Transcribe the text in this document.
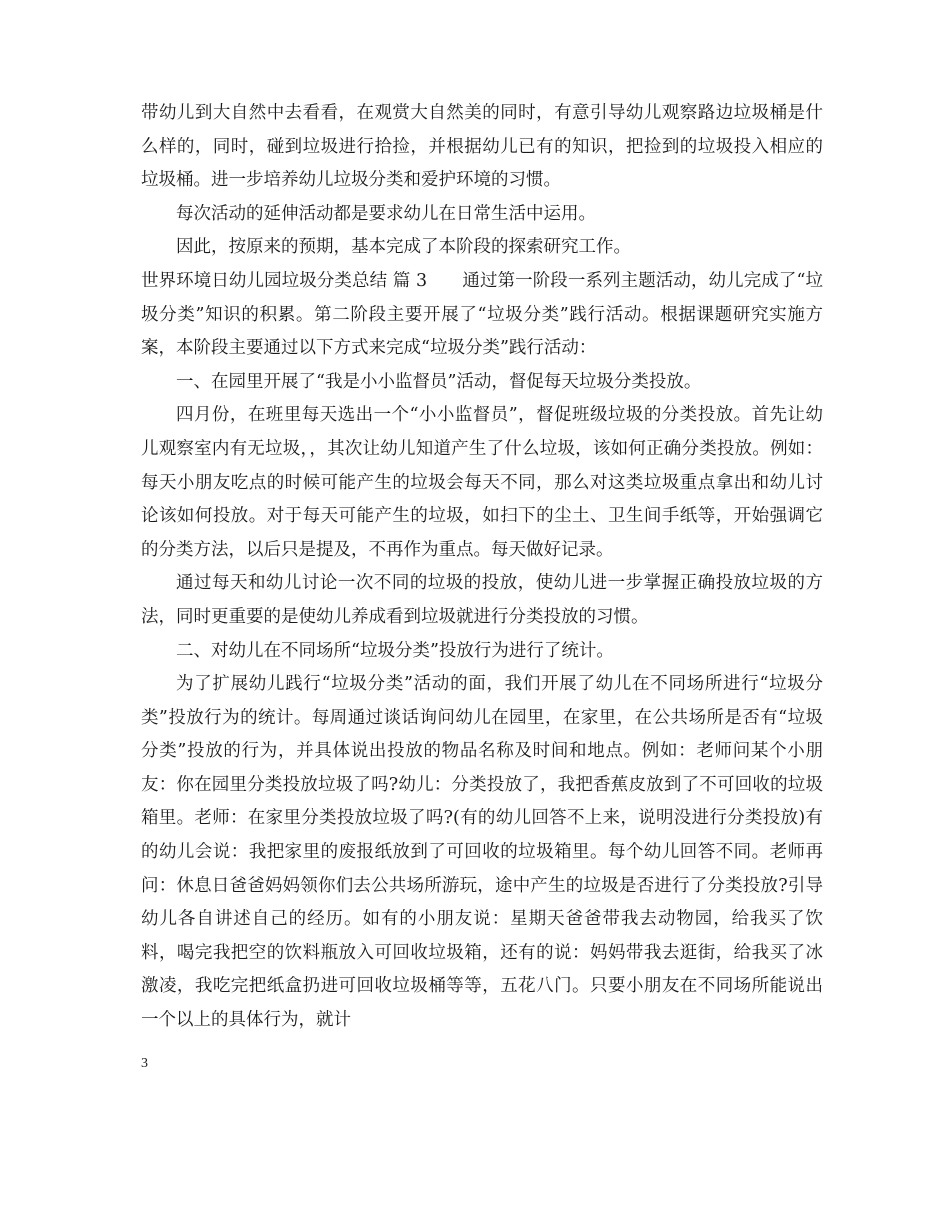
带幼儿到大自然中去看看，在观赏大自然美的同时，有意引导幼儿观察路边垃圾桶是什么样的，同时，碰到垃圾进行拾捡，并根据幼儿已有的知识，把捡到的垃圾投入相应的垃圾桶。进一步培养幼儿垃圾分类和爱护环境的习惯。

每次活动的延伸活动都是要求幼儿在日常生活中运用。

因此，按原来的预期，基本完成了本阶段的探索研究工作。

世界环境日幼儿园垃圾分类总结 篇 3　　通过第一阶段一系列主题活动，幼儿完成了“垃圾分类”知识的积累。第二阶段主要开展了“垃圾分类”践行活动。根据课题研究实施方案，本阶段主要通过以下方式来完成“垃圾分类”践行活动：

一、在园里开展了“我是小小监督员”活动，督促每天垃圾分类投放。

四月份，在班里每天选出一个“小小监督员”，督促班级垃圾的分类投放。首先让幼儿观察室内有无垃圾，，其次让幼儿知道产生了什么垃圾，该如何正确分类投放。例如：每天小朋友吃点的时候可能产生的垃圾会每天不同，那么对这类垃圾重点拿出和幼儿讨论该如何投放。对于每天可能产生的垃圾，如扫下的尘土、卫生间手纸等，开始强调它的分类方法，以后只是提及，不再作为重点。每天做好记录。

通过每天和幼儿讨论一次不同的垃圾的投放，使幼儿进一步掌握正确投放垃圾的方法，同时更重要的是使幼儿养成看到垃圾就进行分类投放的习惯。

二、对幼儿在不同场所“垃圾分类”投放行为进行了统计。

为了扩展幼儿践行“垃圾分类”活动的面，我们开展了幼儿在不同场所进行“垃圾分类”投放行为的统计。每周通过谈话询问幼儿在园里，在家里，在公共场所是否有“垃圾分类”投放的行为，并具体说出投放的物品名称及时间和地点。例如：老师问某个小朋友：你在园里分类投放垃圾了吗?幼儿：分类投放了，我把香蕉皮放到了不可回收的垃圾箱里。老师：在家里分类投放垃圾了吗?(有的幼儿回答不上来，说明没进行分类投放)有的幼儿会说：我把家里的废报纸放到了可回收的垃圾箱里。每个幼儿回答不同。老师再问：休息日爸爸妈妈领你们去公共场所游玩，途中产生的垃圾是否进行了分类投放?引导幼儿各自讲述自己的经历。如有的小朋友说：星期天爸爸带我去动物园，给我买了饮料，喝完我把空的饮料瓶放入可回收垃圾箱，还有的说：妈妈带我去逛街，给我买了冰激凌，我吃完把纸盒扔进可回收垃圾桶等等，五花八门。只要小朋友在不同场所能说出一个以上的具体行为，就计

3
